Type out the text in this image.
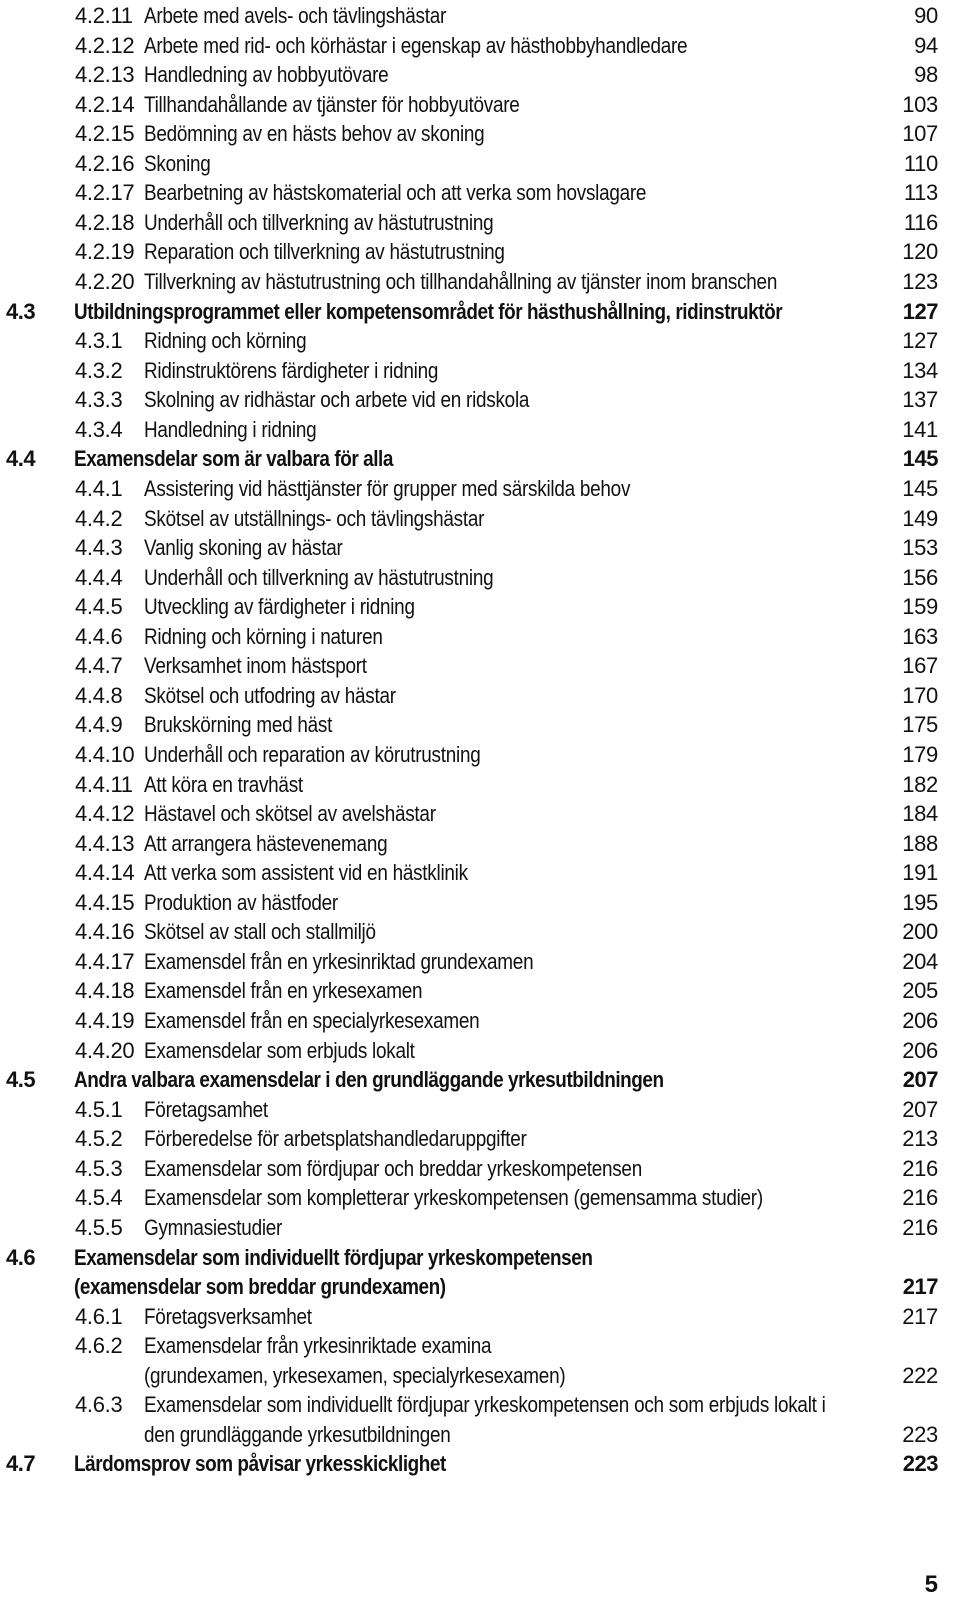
4.2.11 Arbete med avels- och tävlingshästar	90
4.2.12 Arbete med rid- och körhästar i egenskap av hästhobbyhandledare	94
4.2.13 Handledning av hobbyutövare	98
4.2.14 Tillhandahållande av tjänster för hobbyutövare	103
4.2.15 Bedömning av en hästs behov av skoning	107
4.2.16 Skoning	110
4.2.17 Bearbetning av hästskomaterial och att verka som hovslagare	113
4.2.18 Underhåll och tillverkning av hästutrustning	116
4.2.19 Reparation och tillverkning av hästutrustning	120
4.2.20 Tillverkning av hästutrustning och tillhandahållning av tjänster inom branschen	123
4.3 Utbildningsprogrammet eller kompetensområdet för hästhushållning, ridinstruktör	127
4.3.1 Ridning och körning	127
4.3.2 Ridinstruktörens färdigheter i ridning	134
4.3.3 Skolning av ridhästar och arbete vid en ridskola	137
4.3.4 Handledning i ridning	141
4.4 Examensdelar som är valbara för alla	145
4.4.1 Assistering vid hästtjänster för grupper med särskilda behov	145
4.4.2 Skötsel av utställnings- och tävlingshästar	149
4.4.3 Vanlig skoning av hästar	153
4.4.4 Underhåll och tillverkning av hästutrustning	156
4.4.5 Utveckling av färdigheter i ridning	159
4.4.6 Ridning och körning i naturen	163
4.4.7 Verksamhet inom hästsport	167
4.4.8 Skötsel och utfodring av hästar	170
4.4.9 Brukskörning med häst	175
4.4.10 Underhåll och reparation av körutrustning	179
4.4.11 Att köra en travhäst	182
4.4.12 Hästavel och skötsel av avelshästar	184
4.4.13 Att arrangera hästevenemang	188
4.4.14 Att verka som assistent vid en hästklinik	191
4.4.15 Produktion av hästfoder	195
4.4.16 Skötsel av stall och stallmiljö	200
4.4.17 Examensdel från en yrkesinriktad grundexamen	204
4.4.18 Examensdel från en yrkesexamen	205
4.4.19 Examensdel från en specialyrkesexamen	206
4.4.20 Examensdelar som erbjuds lokalt	206
4.5 Andra valbara examensdelar i den grundläggande yrkesutbildningen	207
4.5.1 Företagsamhet	207
4.5.2 Förberedelse för arbetsplatshandledaruppgifter	213
4.5.3 Examensdelar som fördjupar och breddar yrkeskompetensen	216
4.5.4 Examensdelar som kompletterar yrkeskompetensen (gemensamma studier)	216
4.5.5 Gymnasiestudier	216
4.6 Examensdelar som individuellt fördjupar yrkeskompetensen
(examensdelar som breddar grundexamen)	217
4.6.1 Företagsverksamhet	217
4.6.2 Examensdelar från yrkesinriktade examina
(grundexamen, yrkesexamen, specialyrkesexamen)	222
4.6.3 Examensdelar som individuellt fördjupar yrkeskompetensen och som erbjuds lokalt i
den grundläggande yrkesutbildningen	223
4.7 Lärdomsprov som påvisar yrkesskicklighet	223
5
